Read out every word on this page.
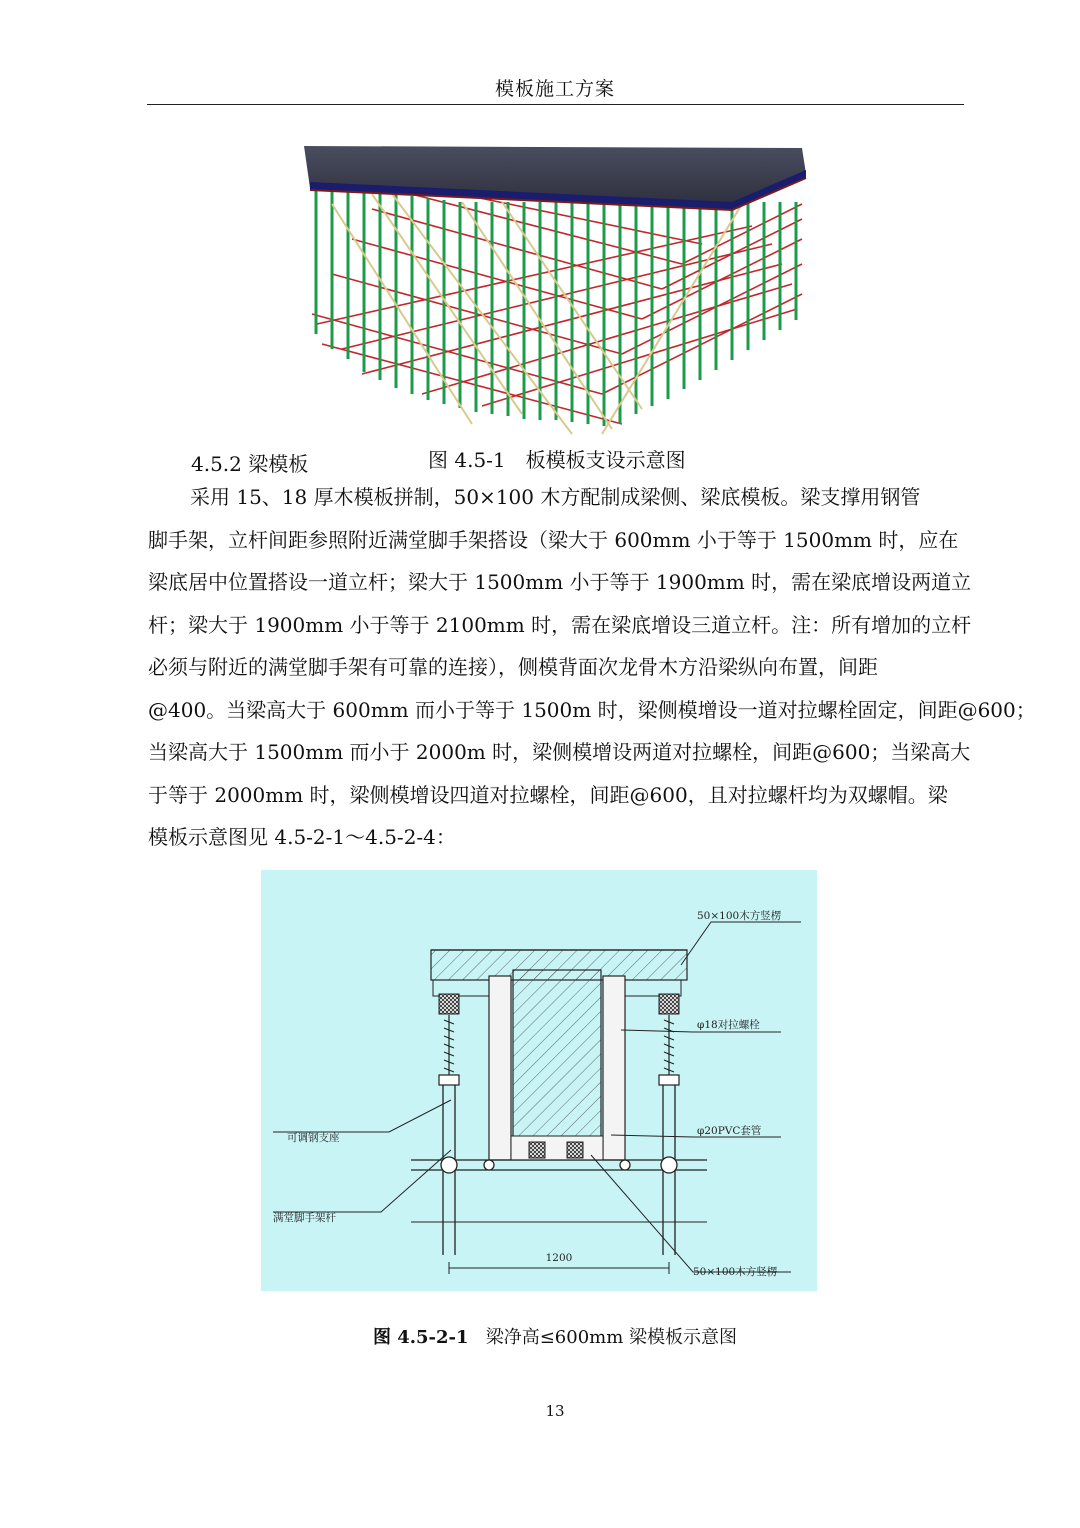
模板施工方案
4.5.2 梁模板	图 4.5-1　板模板支设示意图
采用 15、18 厚木模板拼制，50×100 木方配制成梁侧、梁底模板。梁支撑用钢管
脚手架，立杆间距参照附近满堂脚手架搭设（梁大于 600mm 小于等于 1500mm 时，应在
梁底居中位置搭设一道立杆；梁大于 1500mm 小于等于 1900mm 时，需在梁底增设两道立
杆；梁大于 1900mm 小于等于 2100mm 时，需在梁底增设三道立杆。注：所有增加的立杆
必须与附近的满堂脚手架有可靠的连接），侧模背面次龙骨木方沿梁纵向布置，间距
@400。当梁高大于 600mm 而小于等于 1500m 时，梁侧模增设一道对拉螺栓固定，间距@600；
当梁高大于 1500mm 而小于 2000m 时，梁侧模增设两道对拉螺栓，间距@600；当梁高大
于等于 2000mm 时，梁侧模增设四道对拉螺栓，间距@600，且对拉螺杆均为双螺帽。梁
模板示意图见 4.5-2-1～4.5-2-4：
1200
50×100木方竖楞
φ18对拉螺栓
φ20PVC套管
可调钢支座
满堂脚手架杆
50×100木方竖楞
图 4.5-2-1 梁净高≤600mm 梁模板示意图
13
